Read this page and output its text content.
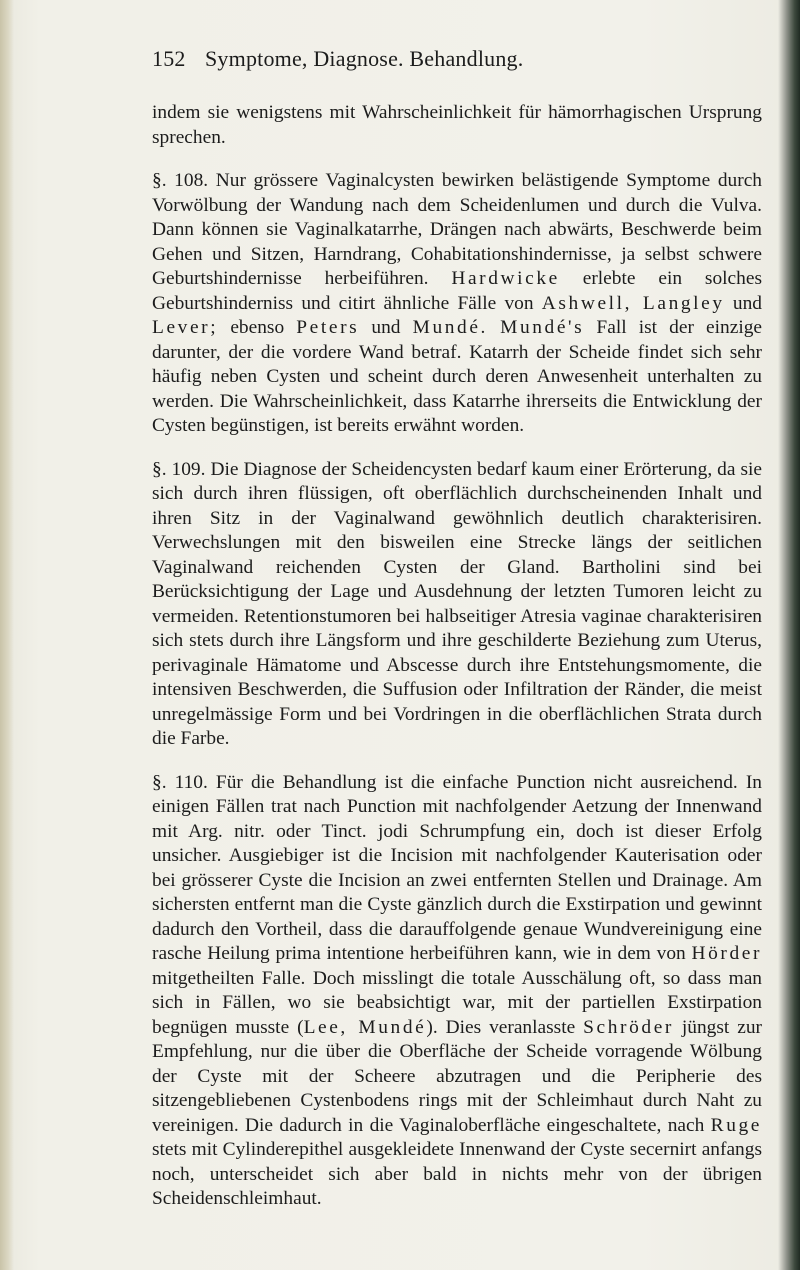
152 Symptome, Diagnose. Behandlung.

indem sie wenigstens mit Wahrscheinlichkeit für hämorrhagischen Ursprung sprechen.

§. 108. Nur grössere Vaginalcysten bewirken belästigende Symptome durch Vorwölbung der Wandung nach dem Scheidenlumen und durch die Vulva. Dann können sie Vaginalkatarrhe, Drängen nach abwärts, Beschwerde beim Gehen und Sitzen, Harndrang, Cohabitationshindernisse, ja selbst schwere Geburtshindernisse herbeiführen. Hardwicke erlebte ein solches Geburtshinderniss und citirt ähnliche Fälle von Ashwell, Langley und Lever; ebenso Peters und Mundé. Mundé's Fall ist der einzige darunter, der die vordere Wand betraf. Katarrh der Scheide findet sich sehr häufig neben Cysten und scheint durch deren Anwesenheit unterhalten zu werden. Die Wahrscheinlichkeit, dass Katarrhe ihrerseits die Entwicklung der Cysten begünstigen, ist bereits erwähnt worden.

§. 109. Die Diagnose der Scheidencysten bedarf kaum einer Erörterung, da sie sich durch ihren flüssigen, oft oberflächlich durchscheinenden Inhalt und ihren Sitz in der Vaginalwand gewöhnlich deutlich charakterisiren. Verwechslungen mit den bisweilen eine Strecke längs der seitlichen Vaginalwand reichenden Cysten der Gland. Bartholini sind bei Berücksichtigung der Lage und Ausdehnung der letzten Tumoren leicht zu vermeiden. Retentionstumoren bei halbseitiger Atresia vaginae charakterisiren sich stets durch ihre Längsform und ihre geschilderte Beziehung zum Uterus, perivaginale Hämatome und Abscesse durch ihre Entstehungsmomente, die intensiven Beschwerden, die Suffusion oder Infiltration der Ränder, die meist unregelmässige Form und bei Vordringen in die oberflächlichen Strata durch die Farbe.

§. 110. Für die Behandlung ist die einfache Punction nicht ausreichend. In einigen Fällen trat nach Punction mit nachfolgender Aetzung der Innenwand mit Arg. nitr. oder Tinct. jodi Schrumpfung ein, doch ist dieser Erfolg unsicher. Ausgiebiger ist die Incision mit nachfolgender Kauterisation oder bei grösserer Cyste die Incision an zwei entfernten Stellen und Drainage. Am sichersten entfernt man die Cyste gänzlich durch die Exstirpation und gewinnt dadurch den Vortheil, dass die darauffolgende genaue Wundvereinigung eine rasche Heilung prima intentione herbeiführen kann, wie in dem von Hörder mitgetheilten Falle. Doch misslingt die totale Ausschälung oft, so dass man sich in Fällen, wo sie beabsichtigt war, mit der partiellen Exstirpation begnügen musste (Lee, Mundé). Dies veranlasste Schröder jüngst zur Empfehlung, nur die über die Oberfläche der Scheide vorragende Wölbung der Cyste mit der Scheere abzutragen und die Peripherie des sitzengebliebenen Cystenbodens rings mit der Schleimhaut durch Naht zu vereinigen. Die dadurch in die Vaginaloberfläche eingeschaltete, nach Ruge stets mit Cylinderepithel ausgekleidete Innenwand der Cyste secernirt anfangs noch, unterscheidet sich aber bald in nichts mehr von der übrigen Scheidenschleimhaut.
